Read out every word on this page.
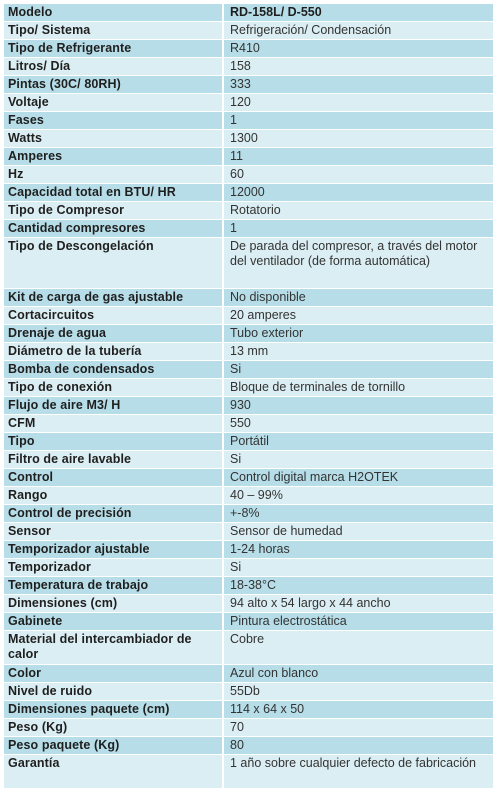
Modelo	RD-158L/ D-550
Tipo/ Sistema	Refrigeración/ Condensación
Tipo de Refrigerante	R410
Litros/ Día	158
Pintas (30C/ 80RH)	333
Voltaje	120
Fases	1
Watts	1300
Amperes	11
Hz	60
Capacidad total en BTU/ HR	12000
Tipo de Compresor	Rotatorio
Cantidad compresores	1
Tipo de Descongelación	De parada del compresor, a través del motor del ventilador (de forma automática)
Kit de carga de gas ajustable	No disponible
Cortacircuitos	20 amperes
Drenaje de agua	Tubo exterior
Diámetro de la tubería	13 mm
Bomba de condensados	Si
Tipo de conexión	Bloque de terminales de tornillo
Flujo de aire M3/ H	930
CFM	550
Tipo	Portátil
Filtro de aire lavable	Si
Control	Control digital marca H2OTEK
Rango	40 – 99%
Control de precisión	+-8%
Sensor	Sensor de humedad
Temporizador ajustable	1-24 horas
Temporizador	Si
Temperatura de trabajo	18-38°C
Dimensiones (cm)	94 alto x 54 largo x 44 ancho
Gabinete	Pintura electrostática
Material del intercambiador de calor	Cobre
Color	Azul con blanco
Nivel de ruido	55Db
Dimensiones paquete (cm)	114 x 64 x 50
Peso (Kg)	70
Peso paquete (Kg)	80
Garantía	1 año sobre cualquier defecto de fabricación
